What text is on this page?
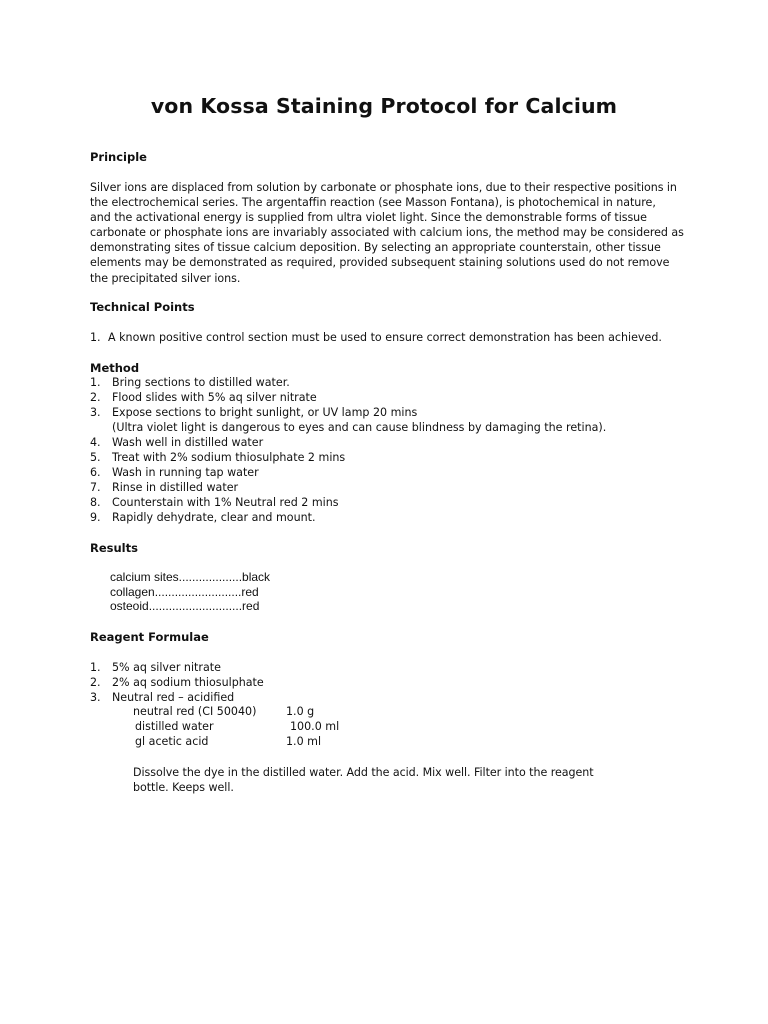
von Kossa Staining Protocol for Calcium
Principle
Silver ions are displaced from solution by carbonate or phosphate ions, due to their respective positions in
the electrochemical series. The argentaffin reaction (see Masson Fontana), is photochemical in nature,
and the activational energy is supplied from ultra violet light. Since the demonstrable forms of tissue
carbonate or phosphate ions are invariably associated with calcium ions, the method may be considered as
demonstrating sites of tissue calcium deposition. By selecting an appropriate counterstain, other tissue
elements may be demonstrated as required, provided subsequent staining solutions used do not remove
the precipitated silver ions.
Technical Points
1. A known positive control section must be used to ensure correct demonstration has been achieved.
Method
1. Bring sections to distilled water.
2. Flood slides with 5% aq silver nitrate
3. Expose sections to bright sunlight, or UV lamp 20 mins
(Ultra violet light is dangerous to eyes and can cause blindness by damaging the retina).
4. Wash well in distilled water
5. Treat with 2% sodium thiosulphate 2 mins
6. Wash in running tap water
7. Rinse in distilled water
8. Counterstain with 1% Neutral red 2 mins
9. Rapidly dehydrate, clear and mount.
Results
calcium sites...................black
collagen..........................red
osteoid............................red
Reagent Formulae
1. 5% aq silver nitrate
2. 2% aq sodium thiosulphate
3. Neutral red – acidified
neutral red (CI 50040)	1.0 g
distilled water	100.0 ml
gl acetic acid	1.0 ml
Dissolve the dye in the distilled water. Add the acid. Mix well. Filter into the reagent
bottle. Keeps well.
